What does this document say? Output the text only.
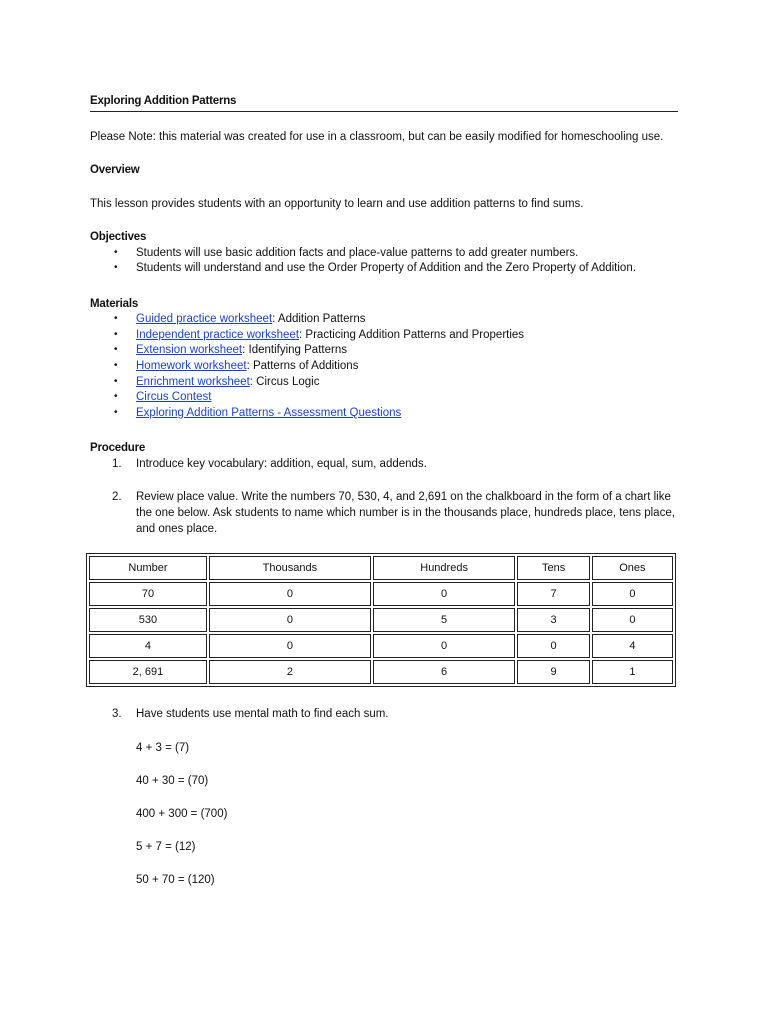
Exploring Addition Patterns

Please Note: this material was created for use in a classroom, but can be easily modified for homeschooling use.

Overview

This lesson provides students with an opportunity to learn and use addition patterns to find sums.

Objectives
• Students will use basic addition facts and place-value patterns to add greater numbers.
• Students will understand and use the Order Property of Addition and the Zero Property of Addition.
Materials
• Guided practice worksheet: Addition Patterns
• Independent practice worksheet: Practicing Addition Patterns and Properties
• Extension worksheet: Identifying Patterns
• Homework worksheet: Patterns of Additions
• Enrichment worksheet: Circus Logic
• Circus Contest
• Exploring Addition Patterns - Assessment Questions
Procedure
1. Introduce key vocabulary: addition, equal, sum, addends.
2. Review place value. Write the numbers 70, 530, 4, and 2,691 on the chalkboard in the form of a chart like the one below. Ask students to name which number is in the thousands place, hundreds place, tens place, and ones place.
Number	Thousands	Hundreds	Tens	Ones
70	0	0	7	0
530	0	5	3	0
4	0	0	0	4
2, 691	2	6	9	1
3. Have students use mental math to find each sum.

4 + 3 = (7)

40 + 30 = (70)

400 + 300 = (700)

5 + 7 = (12)

50 + 70 = (120)
